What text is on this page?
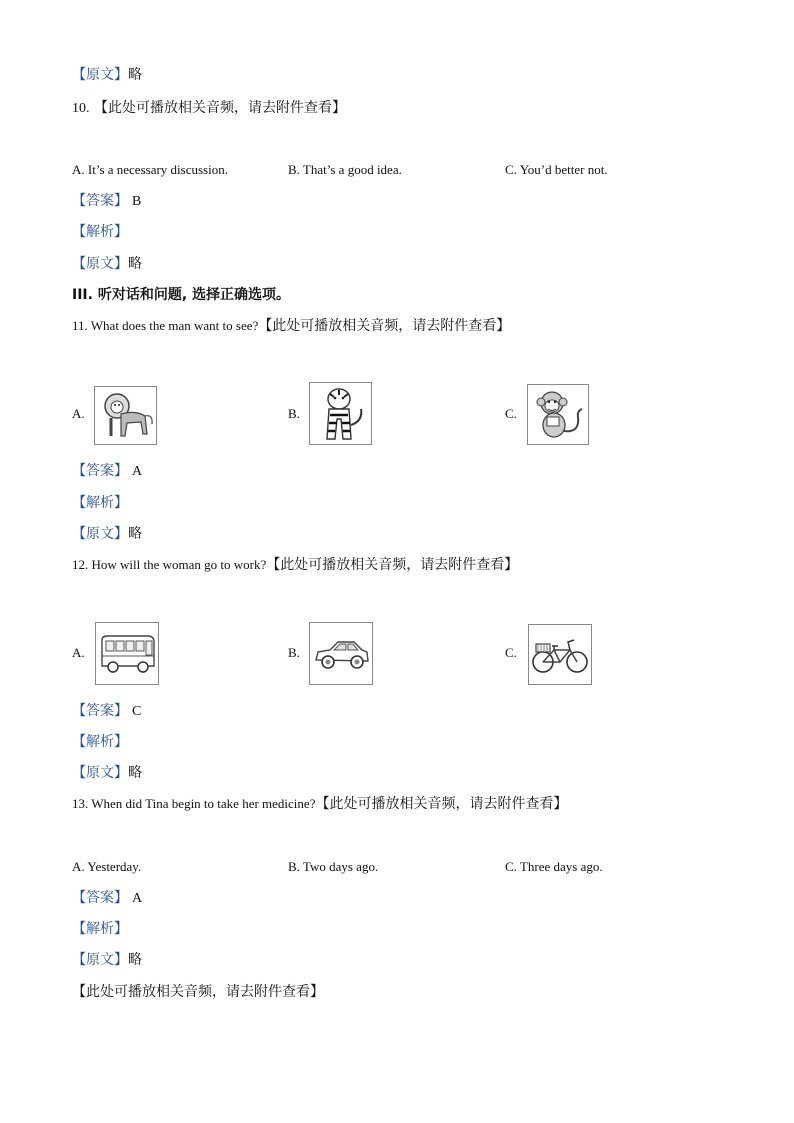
【原文】略
10. 【此处可播放相关音频，请去附件查看】
A. It’s a necessary discussion.	B. That’s a good idea.	C. You’d better not.
【答案】 B
【解析】
【原文】略
III. 听对话和问题, 选择正确选项。
11. What does the man want to see?【此处可播放相关音频，请去附件查看】
A.	B.	C.
【答案】 A
【解析】
【原文】略
12. How will the woman go to work?【此处可播放相关音频，请去附件查看】
A.	B.	C.
【答案】 C
【解析】
【原文】略
13. When did Tina begin to take her medicine?【此处可播放相关音频，请去附件查看】
A. Yesterday.	B. Two days ago.	C. Three days ago.
【答案】 A
【解析】
【原文】略
【此处可播放相关音频，请去附件查看】
